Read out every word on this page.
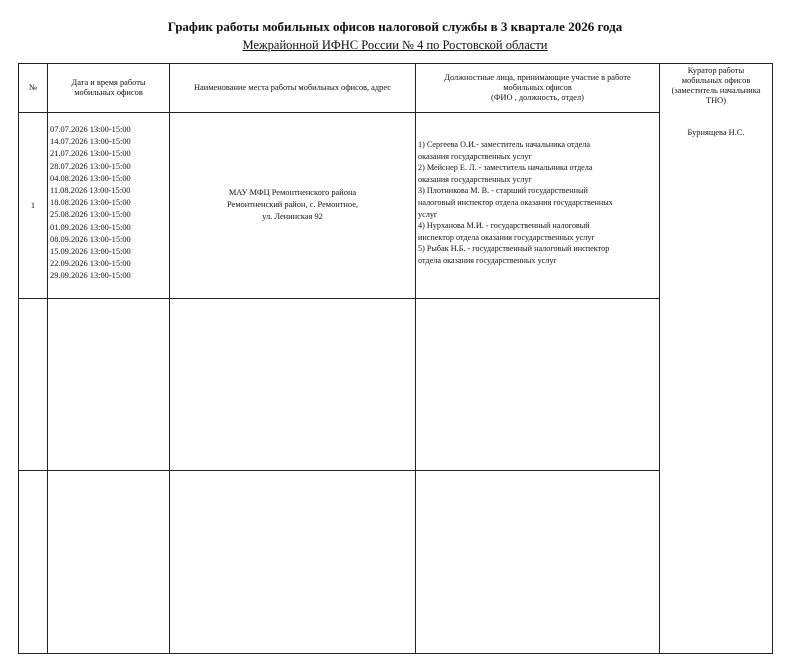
График работы мобильных офисов налоговой службы в 3 квартале 2026 года
Межрайонной ИФНС России № 4 по Ростовской области
№
Дата и время работы
мобильных офисов
Наименование места работы мобильных офисов, адрес
Должностные лица, принимающие участие в работе
мобильных офисов
(ФИО , должность, отдел)
Куратор работы
мобильных офисов
(заместитель начальника
ТНО)
1
07.07.2026 13:00-15:00
14.07.2026 13:00-15:00
21.07.2026 13:00-15:00
28.07.2026 13:00-15:00
04.08.2026 13:00-15:00
11.08.2026 13:00-15:00
18.08.2026 13:00-15:00
25.08.2026 13:00-15:00
01.09.2026 13:00-15:00
08.09.2026 13:00-15:00
15.09.2026 13:00-15:00
22.09.2026 13:00-15:00
29.09.2026 13:00-15:00
МАУ МФЦ Ремонтненского района
Ремонтненский район, с. Ремонтное,
ул. Ленинская 92
1) Сергеева О.И.- заместитель начальника отдела
оказания государственных услуг
2) Мейснер Е. Л. - заместитель начальника отдела
оказания государственных услуг
3) Плотникова М. В. - старший государственный
налоговый инспектор отдела оказания государственных
услуг
4) Нурханова М.И. - государственный налоговый
инспектор отдела оказания государственных услуг
5) Рыбак Н.Б. - государственный налоговый инспектор
отдела оказания государственных услуг
Бурнящева Н.С.
